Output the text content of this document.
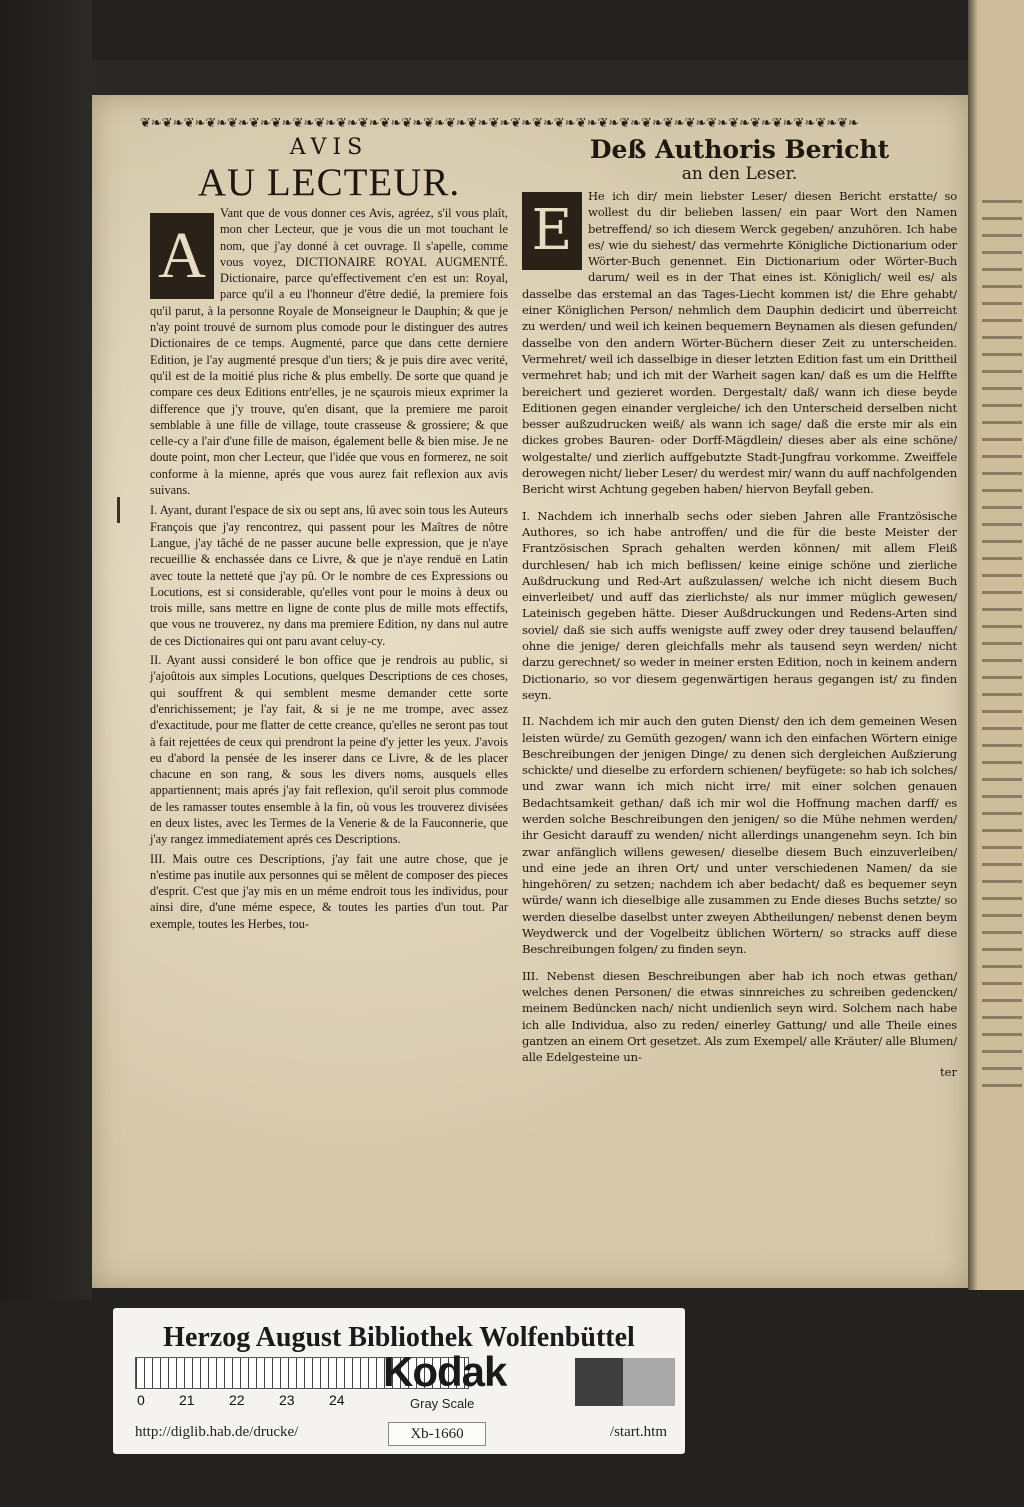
❦❧❦❧❦❧❦❧❦❧❦❧❦❧❦❧❦❧❦❧❦❧❦❧❦❧❦❧❦❧❦❧❦❧❦❧❦❧❦❧❦❧❦❧❦❧❦❧❦❧❦❧❦❧❦❧❦❧❦❧❦❧❦❧❦❧

AVIS

AU LECTEUR.

A

Vant que de vous donner ces Avis, agréez, s'il vous plaît, mon cher Lecteur, que je vous die un mot touchant le nom, que j'ay donné à cet ouvrage. Il s'apelle, comme vous voyez, DICTIONAIRE ROYAL AUGMENTÉ. Dictionaire, parce qu'effectivement c'en est un: Royal, parce qu'il a eu l'honneur d'être dedié, la premiere fois qu'il parut, à la personne Royale de Monseigneur le Dauphin; & que je n'ay point trouvé de surnom plus comode pour le distinguer des autres Dictionaires de ce temps. Augmenté, parce que dans cette derniere Edition, je l'ay augmenté presque d'un tiers; & je puis dire avec verité, qu'il est de la moitié plus riche & plus embelly. De sorte que quand je compare ces deux Editions entr'elles, je ne sçaurois mieux exprimer la difference que j'y trouve, qu'en disant, que la premiere me paroit semblable à une fille de village, toute crasseuse & grossiere; & que celle-cy a l'air d'une fille de maison, également belle & bien mise. Je ne doute point, mon cher Lecteur, que l'idée que vous en formerez, ne soit conforme à la mienne, aprés que vous aurez fait reflexion aux avis suivans.

I. Ayant, durant l'espace de six ou sept ans, lû avec soin tous les Auteurs François que j'ay rencontrez, qui passent pour les Maîtres de nôtre Langue, j'ay tâché de ne passer aucune belle expression, que je n'aye recueillie & enchassée dans ce Livre, & que je n'aye renduë en Latin avec toute la netteté que j'ay pû. Or le nombre de ces Expressions ou Locutions, est si considerable, qu'elles vont pour le moins à deux ou trois mille, sans mettre en ligne de conte plus de mille mots effectifs, que vous ne trouverez, ny dans ma premiere Edition, ny dans nul autre de ces Dictionaires qui ont paru avant celuy-cy.

II. Ayant aussi consideré le bon office que je rendrois au public, si j'ajoûtois aux simples Locutions, quelques Descriptions de ces choses, qui souffrent & qui semblent mesme demander cette sorte d'enrichissement; je l'ay fait, & si je ne me trompe, avec assez d'exactitude, pour me flatter de cette creance, qu'elles ne seront pas tout à fait rejettées de ceux qui prendront la peine d'y jetter les yeux. J'avois eu d'abord la pensée de les inserer dans ce Livre, & de les placer chacune en son rang, & sous les divers noms, ausquels elles appartiennent; mais aprés j'ay fait reflexion, qu'il seroit plus commode de les ramasser toutes ensemble à la fin, où vous les trouverez divisées en deux listes, avec les Termes de la Venerie & de la Fauconnerie, que j'ay rangez immediatement aprés ces Descriptions.

III. Mais outre ces Descriptions, j'ay fait une autre chose, que je n'estime pas inutile aux personnes qui se mêlent de composer des pieces d'esprit. C'est que j'ay mis en un méme endroit tous les individus, pour ainsi dire, d'une méme espece, & toutes les parties d'un tout. Par exemple, toutes les Herbes, tou-

Deß Authoris Bericht

an den Leser.

E

He ich dir/ mein liebster Leser/ diesen Bericht erstatte/ so wollest du dir belieben lassen/ ein paar Wort den Namen betreffend/ so ich diesem Werck gegeben/ anzuhören. Ich habe es/ wie du siehest/ das vermehrte Königliche Dictionarium oder Wörter-Buch genennet. Ein Dictionarium oder Wörter-Buch darum/ weil es in der That eines ist. Königlich/ weil es/ als dasselbe das erstemal an das Tages-Liecht kommen ist/ die Ehre gehabt/ einer Königlichen Person/ nehmlich dem Dauphin dedicirt und überreicht zu werden/ und weil ich keinen bequemern Beynamen als diesen gefunden/ dasselbe von den andern Wörter-Büchern dieser Zeit zu unterscheiden. Vermehret/ weil ich dasselbige in dieser letzten Edition fast um ein Drittheil vermehret hab; und ich mit der Warheit sagen kan/ daß es um die Helffte bereichert und gezieret worden. Dergestalt/ daß/ wann ich diese beyde Editionen gegen einander vergleiche/ ich den Unterscheid derselben nicht besser außzudrucken weiß/ als wann ich sage/ daß die erste mir als ein dickes grobes Bauren- oder Dorff-Mägdlein/ dieses aber als eine schöne/ wolgestalte/ und zierlich auffgebutzte Stadt-Jungfrau vorkomme. Zweiffele derowegen nicht/ lieber Leser/ du werdest mir/ wann du auff nachfolgenden Bericht wirst Achtung gegeben haben/ hiervon Beyfall geben.

I. Nachdem ich innerhalb sechs oder sieben Jahren alle Frantzösische Authores, so ich habe antroffen/ und die für die beste Meister der Frantzösischen Sprach gehalten werden können/ mit allem Fleiß durchlesen/ hab ich mich beflissen/ keine einige schöne und zierliche Außdruckung und Red-Art außzulassen/ welche ich nicht diesem Buch einverleibet/ und auff das zierlichste/ als nur immer müglich gewesen/ Lateinisch gegeben hätte. Dieser Außdruckungen und Redens-Arten sind soviel/ daß sie sich auffs wenigste auff zwey oder drey tausend belauffen/ ohne die jenige/ deren gleichfalls mehr als tausend seyn werden/ nicht darzu gerechnet/ so weder in meiner ersten Edition, noch in keinem andern Dictionario, so vor diesem gegenwärtigen heraus gegangen ist/ zu finden seyn.

II. Nachdem ich mir auch den guten Dienst/ den ich dem gemeinen Wesen leisten würde/ zu Gemüth gezogen/ wann ich den einfachen Wörtern einige Beschreibungen der jenigen Dinge/ zu denen sich dergleichen Außzierung schickte/ und dieselbe zu erfordern schienen/ beyfügete: so hab ich solches/ und zwar wann ich mich nicht irre/ mit einer solchen genauen Bedachtsamkeit gethan/ daß ich mir wol die Hoffnung machen darff/ es werden solche Beschreibungen den jenigen/ so die Mühe nehmen werden/ ihr Gesicht darauff zu wenden/ nicht allerdings unangenehm seyn. Ich bin zwar anfänglich willens gewesen/ dieselbe diesem Buch einzuverleiben/ und eine jede an ihren Ort/ und unter verschiedenen Namen/ da sie hingehören/ zu setzen; nachdem ich aber bedacht/ daß es bequemer seyn würde/ wann ich dieselbige alle zusammen zu Ende dieses Buchs setzte/ so werden dieselbe daselbst unter zweyen Abtheilungen/ nebenst denen beym Weydwerck und der Vogelbeitz üblichen Wörtern/ so stracks auff diese Beschreibungen folgen/ zu finden seyn.

III. Nebenst diesen Beschreibungen aber hab ich noch etwas gethan/ welches denen Personen/ die etwas sinnreiches zu schreiben gedencken/ meinem Bedüncken nach/ nicht undienlich seyn wird. Solchem nach habe ich alle Individua, also zu reden/ einerley Gattung/ und alle Theile eines gantzen an einem Ort gesetzet. Als zum Exempel/ alle Kräuter/ alle Blumen/ alle Edelgesteine un-

ter
Herzog August Bibliothek Wolfenbüttel
0 21 22 23 24
Kodak
Gray Scale
http://diglib.hab.de/drucke/	Xb-1660	/start.htm
